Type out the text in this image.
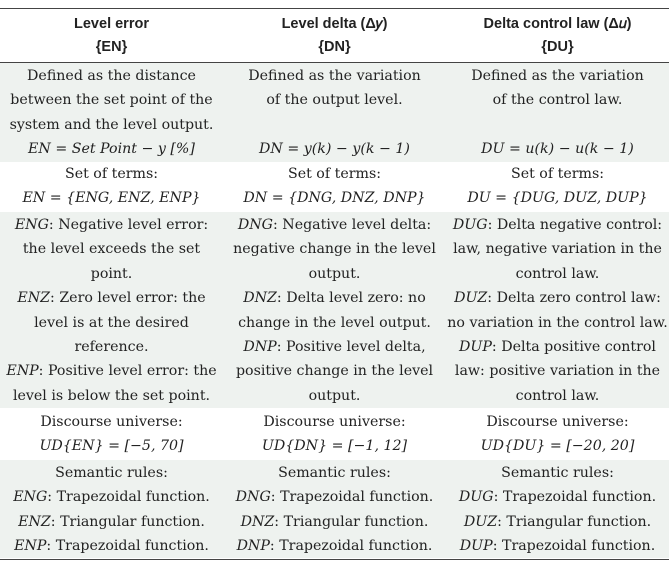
Level error
{EN}
Level delta (Δ𝑦)
{DN}
Delta control law (Δ𝑢)
{DU}
Defined as the distance
between the set point of the
system and the level output.
EN = Set Point − y [%]
Defined as the variation
of the output level.
DN = y(k) − y(k − 1)
Defined as the variation
of the control law.
DU = u(k) − u(k − 1)
Set of terms:
EN = {ENG, ENZ, ENP}
Set of terms:
DN = {DNG, DNZ, DNP}
Set of terms:
DU = {DUG, DUZ, DUP}
ENG: Negative level error:
the level exceeds the set
point.
ENZ: Zero level error: the
level is at the desired
reference.
ENP: Positive level error: the
level is below the set point.
DNG: Negative level delta:
negative change in the level
output.
DNZ: Delta level zero: no
change in the level output.
DNP: Positive level delta,
positive change in the level
output.
DUG: Delta negative control:
law, negative variation in the
control law.
DUZ: Delta zero control law:
no variation in the control law.
DUP: Delta positive control
law: positive variation in the
control law.
Discourse universe:
UD{EN} = [−5, 70]
Discourse universe:
UD{DN} = [−1, 12]
Discourse universe:
UD{DU} = [−20, 20]
Semantic rules:
ENG: Trapezoidal function.
ENZ: Triangular function.
ENP: Trapezoidal function.
Semantic rules:
DNG: Trapezoidal function.
DNZ: Triangular function.
DNP: Trapezoidal function.
Semantic rules:
DUG: Trapezoidal function.
DUZ: Triangular function.
DUP: Trapezoidal function.
